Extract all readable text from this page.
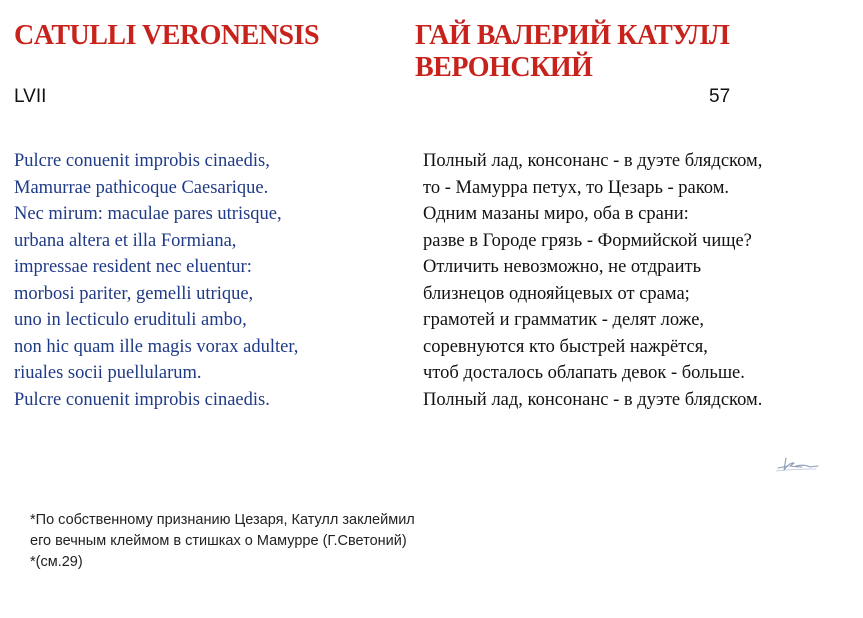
CATULLI VERONENSIS	ГАЙ ВАЛЕРИЙ КАТУЛЛ ВЕРОНСКИЙ
LVII	57
Pulcre conuenit improbis cinaedis,
Mamurrae pathicoque Caesarique.
Nec mirum: maculae pares utrisque,
urbana altera et illa Formiana,
impressae resident nec eluentur:
morbosi pariter, gemelli utrique,
uno in lecticulo erudituli ambo,
non hic quam ille magis vorax adulter,
riuales socii puellularum.
Pulcre conuenit improbis cinaedis.
Полный лад, консонанс - в дуэте блядском,
то - Мамурра петух, то Цезарь - раком.
Одним мазаны миро, оба в срани:
разве в Городе грязь - Формийской чище?
Отличить невозможно, не отдраить
близнецов однояйцевых от срама;
грамотей и грамматик - делят ложе,
соревнуются кто быстрей нажрётся,
чтоб досталось облапать девок - больше.
Полный лад, консонанс - в дуэте блядском.
*По собственному признанию Цезаря, Катулл заклеймил
его вечным клеймом в стишках о Мамурре (Г.Светоний)
*(см.29)
